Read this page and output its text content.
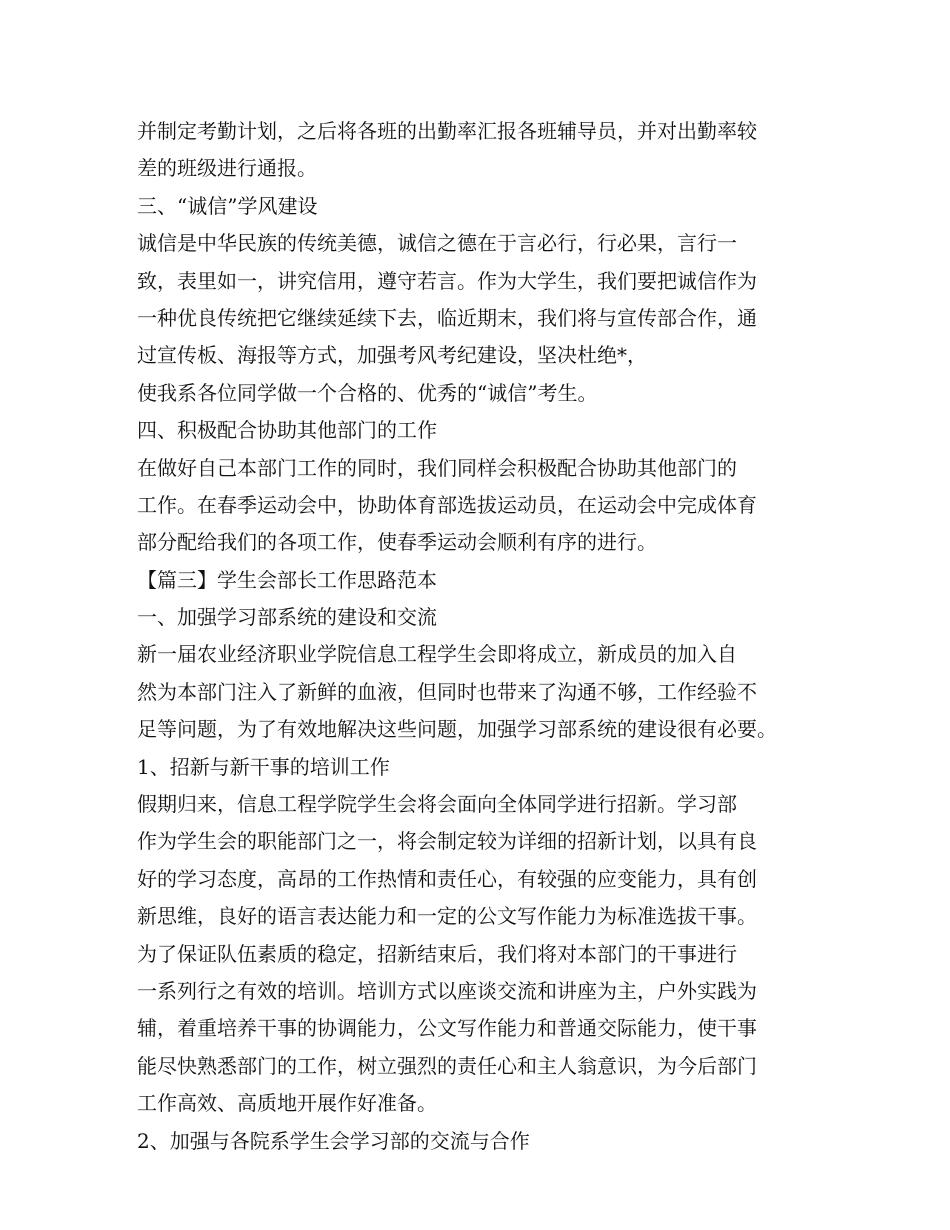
并制定考勤计划，之后将各班的出勤率汇报各班辅导员，并对出勤率较
差的班级进行通报。
三、“诚信”学风建设
诚信是中华民族的传统美德，诚信之德在于言必行，行必果，言行一
致，表里如一，讲究信用，遵守若言。作为大学生，我们要把诚信作为
一种优良传统把它继续延续下去，临近期末，我们将与宣传部合作，通
过宣传板、海报等方式，加强考风考纪建设，坚决杜绝*，
使我系各位同学做一个合格的、优秀的“诚信”考生。
四、积极配合协助其他部门的工作
在做好自己本部门工作的同时，我们同样会积极配合协助其他部门的
工作。在春季运动会中，协助体育部选拔运动员，在运动会中完成体育
部分配给我们的各项工作，使春季运动会顺利有序的进行。
【篇三】学生会部长工作思路范本
一、加强学习部系统的建设和交流
新一届农业经济职业学院信息工程学生会即将成立，新成员的加入自
然为本部门注入了新鲜的血液，但同时也带来了沟通不够，工作经验不
足等问题，为了有效地解决这些问题，加强学习部系统的建设很有必要。
1、招新与新干事的培训工作
假期归来，信息工程学院学生会将会面向全体同学进行招新。学习部
作为学生会的职能部门之一，将会制定较为详细的招新计划，以具有良
好的学习态度，高昂的工作热情和责任心，有较强的应变能力，具有创
新思维，良好的语言表达能力和一定的公文写作能力为标准选拔干事。
为了保证队伍素质的稳定，招新结束后，我们将对本部门的干事进行
一系列行之有效的培训。培训方式以座谈交流和讲座为主，户外实践为
辅，着重培养干事的协调能力，公文写作能力和普通交际能力，使干事
能尽快熟悉部门的工作，树立强烈的责任心和主人翁意识，为今后部门
工作高效、高质地开展作好准备。
2、加强与各院系学生会学习部的交流与合作
